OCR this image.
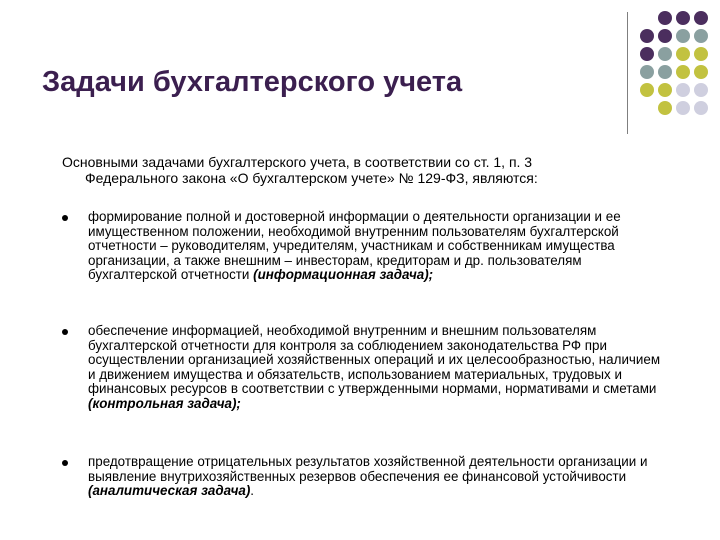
Задачи бухгалтерского учета
Основными задачами бухгалтерского учета, в соответствии со ст. 1, п. 3
Федерального закона «О бухгалтерском учете» № 129-ФЗ, являются:
формирование полной и достоверной информации о деятельности организации и ее имущественном положении, необходимой внутренним пользователям бухгалтерской отчетности – руководителям, учредителям, участникам и собственникам имущества организации, а также внешним – инвесторам, кредиторам и др. пользователям бухгалтерской отчетности (информационная задача);
обеспечение информацией, необходимой внутренним и внешним пользователям бухгалтерской отчетности для контроля за соблюдением законодательства РФ при осуществлении организацией хозяйственных операций и их целесообразностью, наличием и движением имущества и обязательств, использованием материальных, трудовых и финансовых ресурсов в соответствии с утвержденными нормами, нормативами и сметами (контрольная задача);
предотвращение отрицательных результатов хозяйственной деятельности организации и выявление внутрихозяйственных резервов обеспечения ее финансовой устойчивости (аналитическая задача).
